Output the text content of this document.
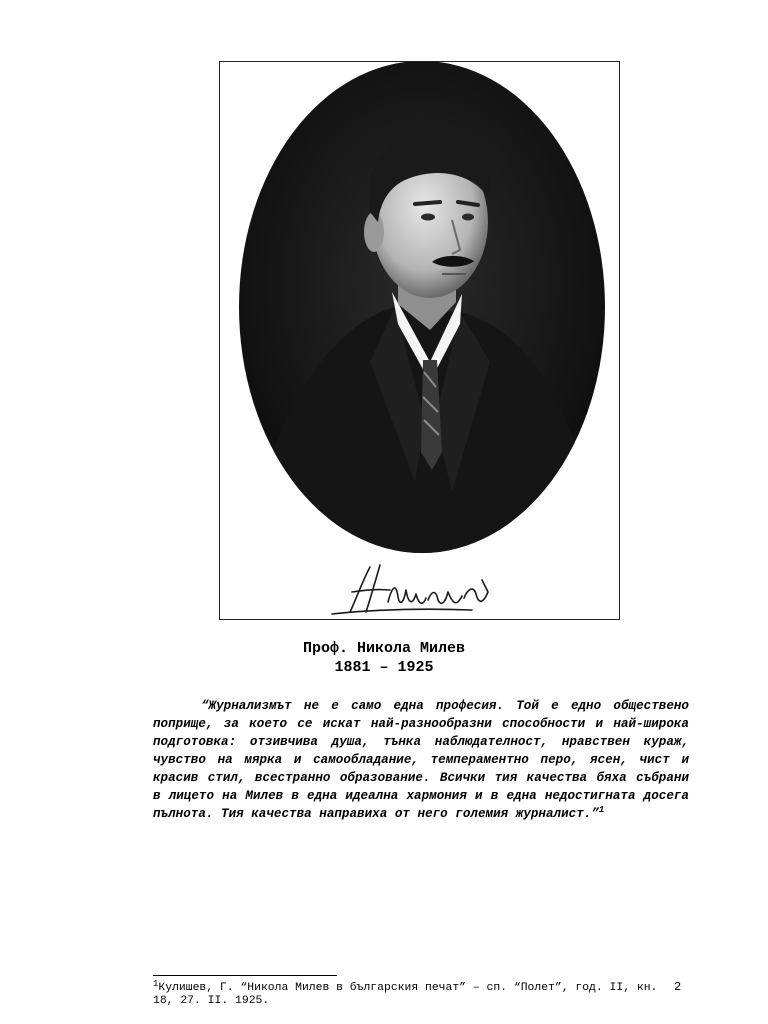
Проф. Никола Милев
1881 – 1925

“Журнализмът не е само една професия. Той е едно обществено поприще, за което се искат най-разнообразни способности и най-широка подготовка: отзивчива душа, тънка наблюдателност, нравствен кураж, чувство на мярка и самообладание, темпераментно перо, ясен, чист и красив стил, всестранно образование. Всички тия качества бяха събрани в лицето на Милев в една идеална хармония и в една недостигната досега пълнота. Тия качества направиха от него големия журналист.”$^1$

$^1$Кулишев, Г. “Никола Милев в българския печат” – сп. “Полет”, год. II, кн. 18, 27. II. 1925.

2
